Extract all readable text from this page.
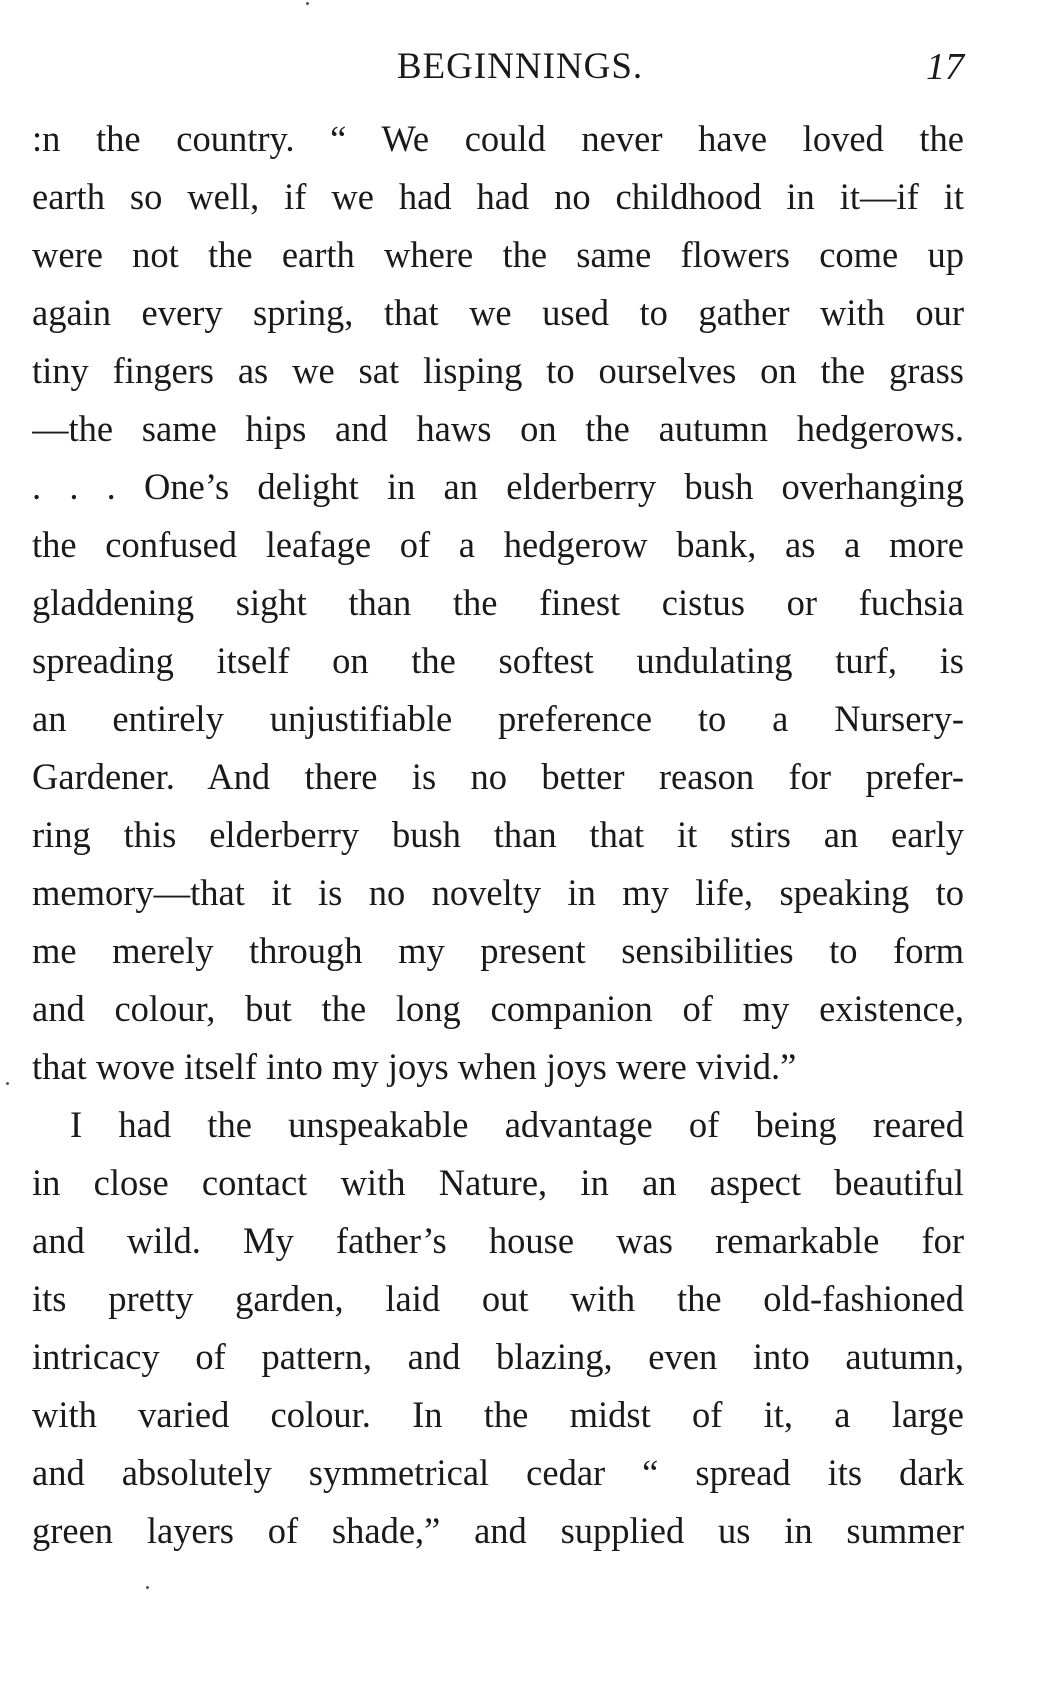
BEGINNINGS.	17
:n the country. “ We could never have loved the
earth so well, if we had had no childhood in it—if it
were not the earth where the same flowers come up
again every spring, that we used to gather with our
tiny fingers as we sat lisping to ourselves on the grass
—the same hips and haws on the autumn hedgerows.
. . . One’s delight in an elderberry bush overhanging
the confused leafage of a hedgerow bank, as a more
gladdening sight than the finest cistus or fuchsia
spreading itself on the softest undulating turf, is
an entirely unjustifiable preference to a Nursery-
Gardener. And there is no better reason for prefer-
ring this elderberry bush than that it stirs an early
memory—that it is no novelty in my life, speaking to
me merely through my present sensibilities to form
and colour, but the long companion of my existence,
that wove itself into my joys when joys were vivid.”
I had the unspeakable advantage of being reared
in close contact with Nature, in an aspect beautiful
and wild. My father’s house was remarkable for
its pretty garden, laid out with the old-fashioned
intricacy of pattern, and blazing, even into autumn,
with varied colour. In the midst of it, a large
and absolutely symmetrical cedar “ spread its dark
green layers of shade,” and supplied us in summer
